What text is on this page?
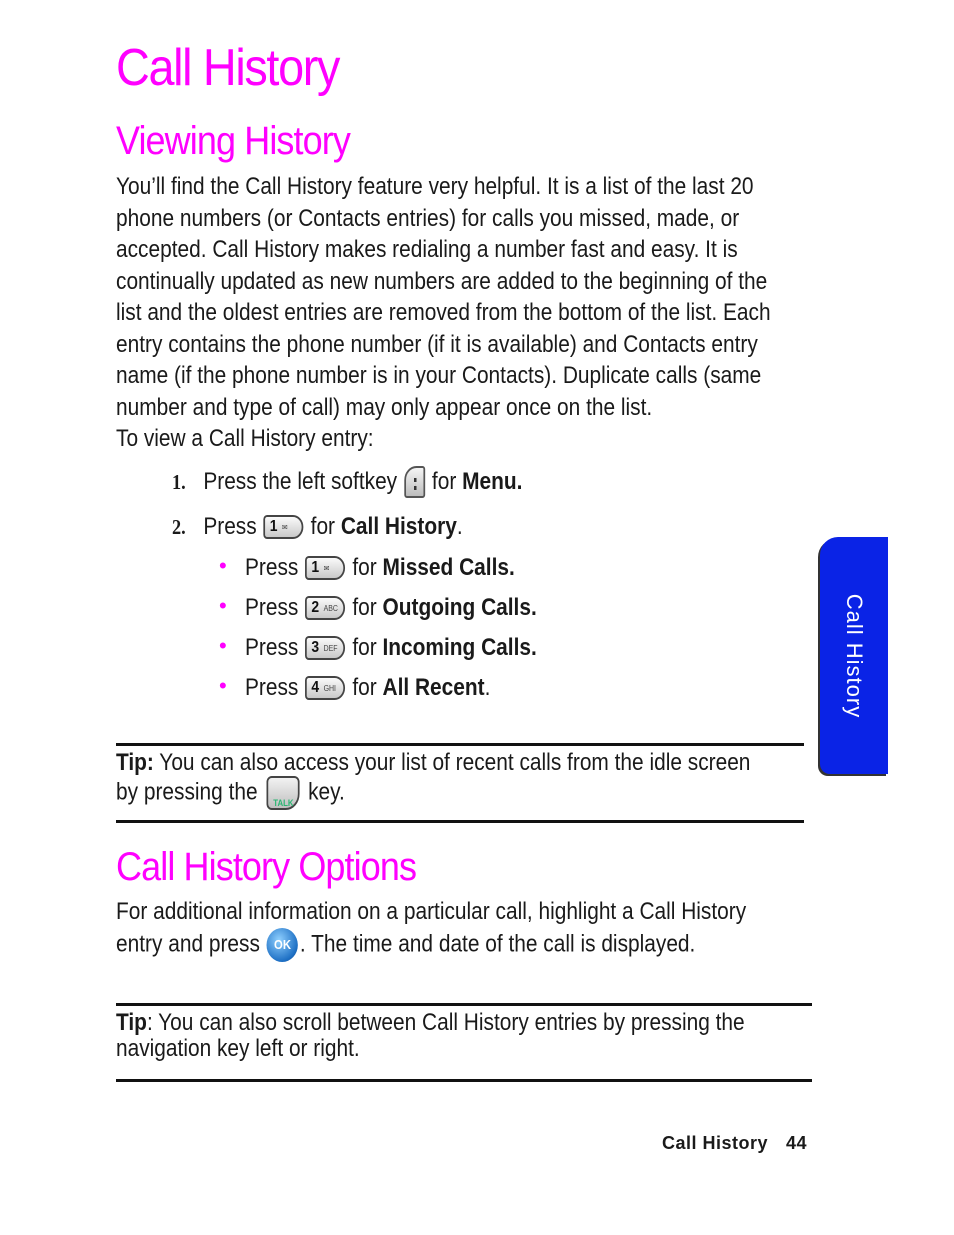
Call History
Viewing History

You’ll find the Call History feature very helpful. It is a list of the last 20 phone numbers (or Contacts entries) for calls you missed, made, or accepted. Call History makes redialing a number fast and easy. It is continually updated as new numbers are added to the beginning of the list and the oldest entries are removed from the bottom of the list. Each entry contains the phone number (if it is available) and Contacts entry name (if the phone number is in your Contacts). Duplicate calls (same number and type of call) may only appear once on the list.

To view a Call History entry:

1. Press the left softkey for
Menu.
2. Press 1 ✉ for
Call History .
• Press 1 ✉ for
Missed Calls.
• Press 2 ABC for
Outgoing Calls.
• Press 3 DEF for
Incoming Calls.
• Press 4 GHI for
All Recent .
Tip: You can also access your list of recent calls from the idle screen
by pressing the TALK key.
Call History Options
For additional information on a particular call, highlight a Call History
entry and press OK . The time and date of the call is displayed.
Tip: You can also scroll between Call History entries by pressing the
navigation key left or right.
Call History
Call History 44
